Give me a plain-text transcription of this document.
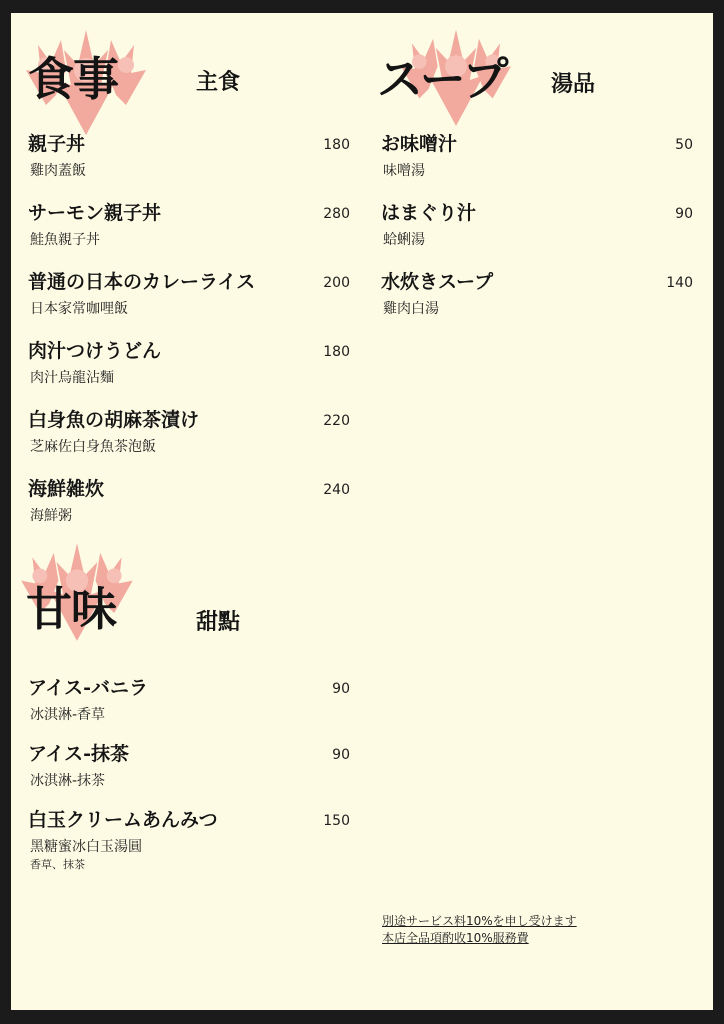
食事	主食
親子丼
雞肉蓋飯
180
サーモン親子丼
鮭魚親子丼
280
普通の日本のカレーライス
日本家常咖哩飯
200
肉汁つけうどん
肉汁烏龍沾麵
180
白身魚の胡麻茶漬け
芝麻佐白身魚茶泡飯
220
海鮮雑炊
海鮮粥
240
スープ 湯品
お味噌汁
味噌湯
50
はまぐり汁
蛤蜊湯
90
水炊きスープ
雞肉白湯
140
甘味	甜點
アイス-バニラ
冰淇淋-香草
90
アイス-抹茶
冰淇淋-抹茶
90
白玉クリームあんみつ
黑糖蜜冰白玉湯圓
香草、抹茶
150
別途サービス料10%を申し受けます
本店全品項酌收10%服務費
